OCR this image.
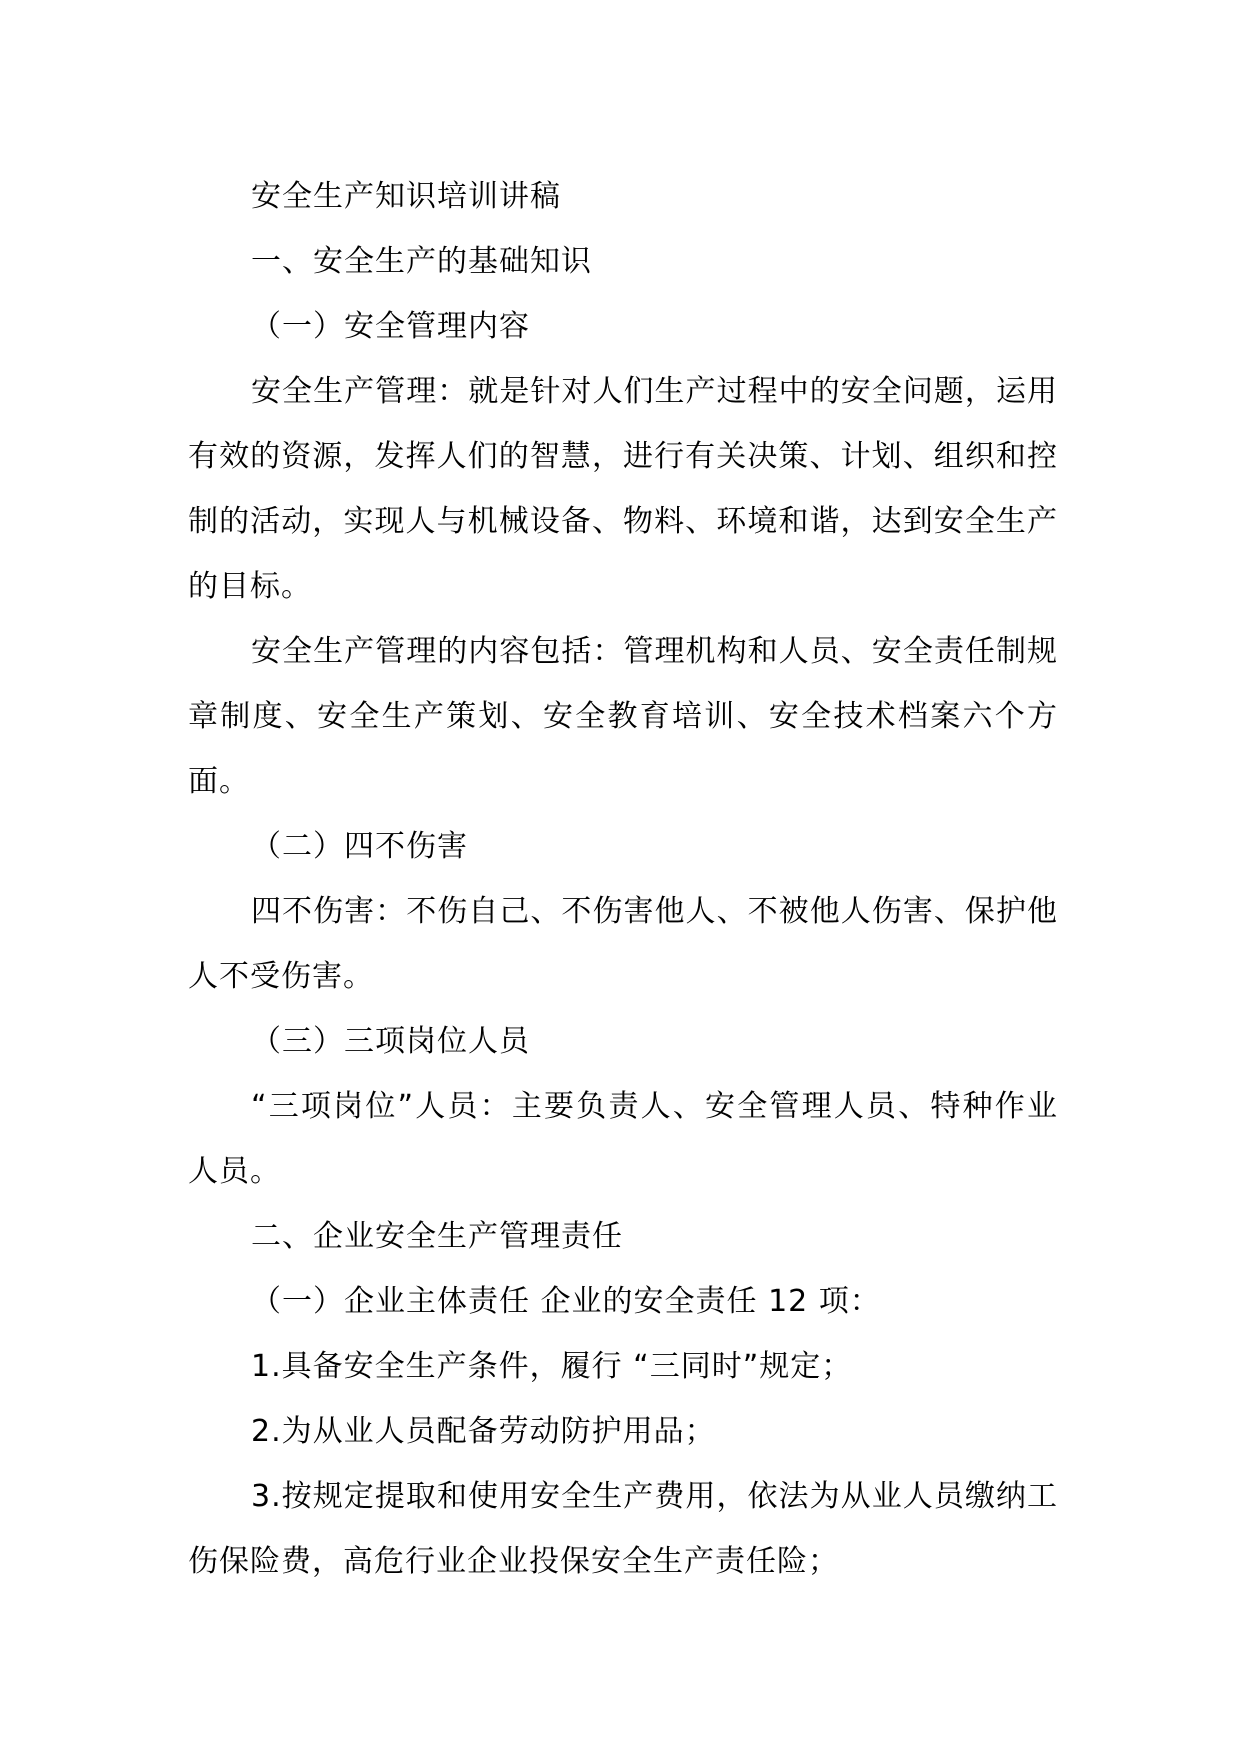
安全生产知识培训讲稿

一、安全生产的基础知识

（一）安全管理内容

安全生产管理：就是针对人们生产过程中的安全问题，运用有效的资源，发挥人们的智慧，进行有关决策、计划、组织和控制的活动，实现人与机械设备、物料、环境和谐，达到安全生产的目标。

安全生产管理的内容包括：管理机构和人员、安全责任制规章制度、安全生产策划、安全教育培训、安全技术档案六个方面。

（二）四不伤害

四不伤害：不伤自己、不伤害他人、不被他人伤害、保护他人不受伤害。

（三）三项岗位人员

“三项岗位”人员：主要负责人、安全管理人员、特种作业人员。

二、企业安全生产管理责任

（一）企业主体责任 企业的安全责任 12 项：

1.具备安全生产条件，履行 “三同时”规定；

2.为从业人员配备劳动防护用品；

3.按规定提取和使用安全生产费用，依法为从业人员缴纳工伤保险费，高危行业企业投保安全生产责任险；
